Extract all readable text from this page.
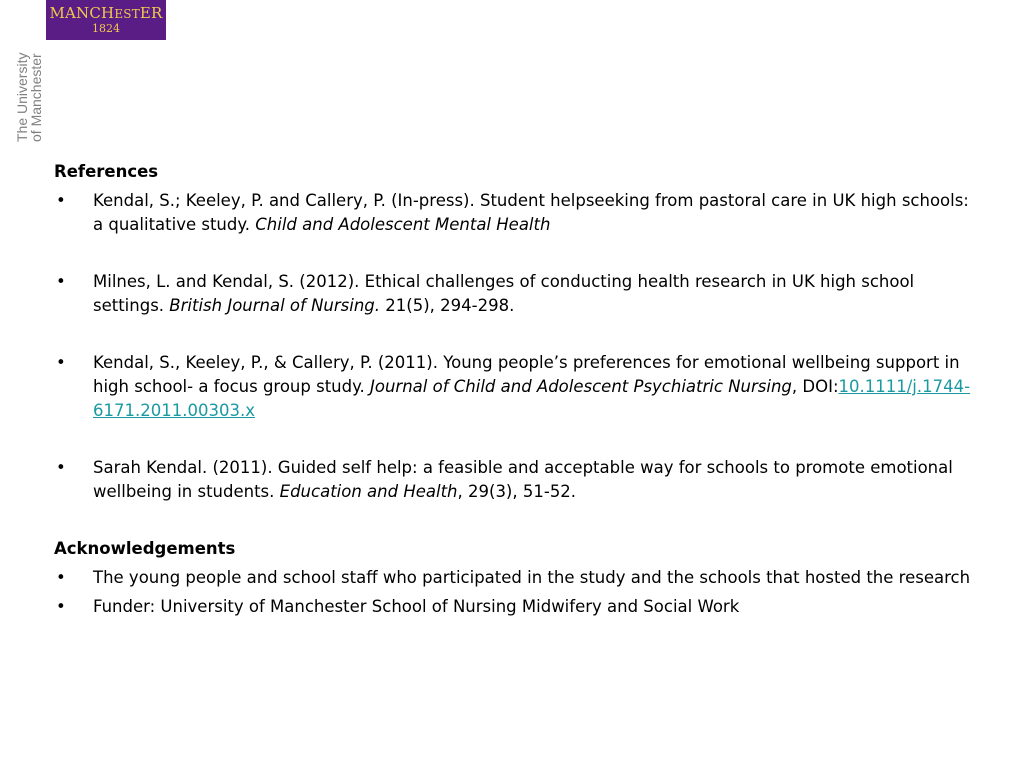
MANCHESTER
1824
The University
of Manchester
References
• Kendal, S.; Keeley, P. and Callery, P. (In-press). Student helpseeking from pastoral care in UK high schools: a qualitative study. Child and Adolescent Mental Health
• Milnes, L. and Kendal, S. (2012). Ethical challenges of conducting health research in UK high school settings. British Journal of Nursing. 21(5), 294-298.
• Kendal, S., Keeley, P., & Callery, P. (2011). Young people’s preferences for emotional wellbeing support in high school- a focus group study. Journal of Child and Adolescent Psychiatric Nursing, DOI:10.1111/j.1744-6171.2011.00303.x
• Sarah Kendal. (2011). Guided self help: a feasible and acceptable way for schools to promote emotional wellbeing in students. Education and Health, 29(3), 51-52.
Acknowledgements
• The young people and school staff who participated in the study and the schools that hosted the research
• Funder: University of Manchester School of Nursing Midwifery and Social Work
